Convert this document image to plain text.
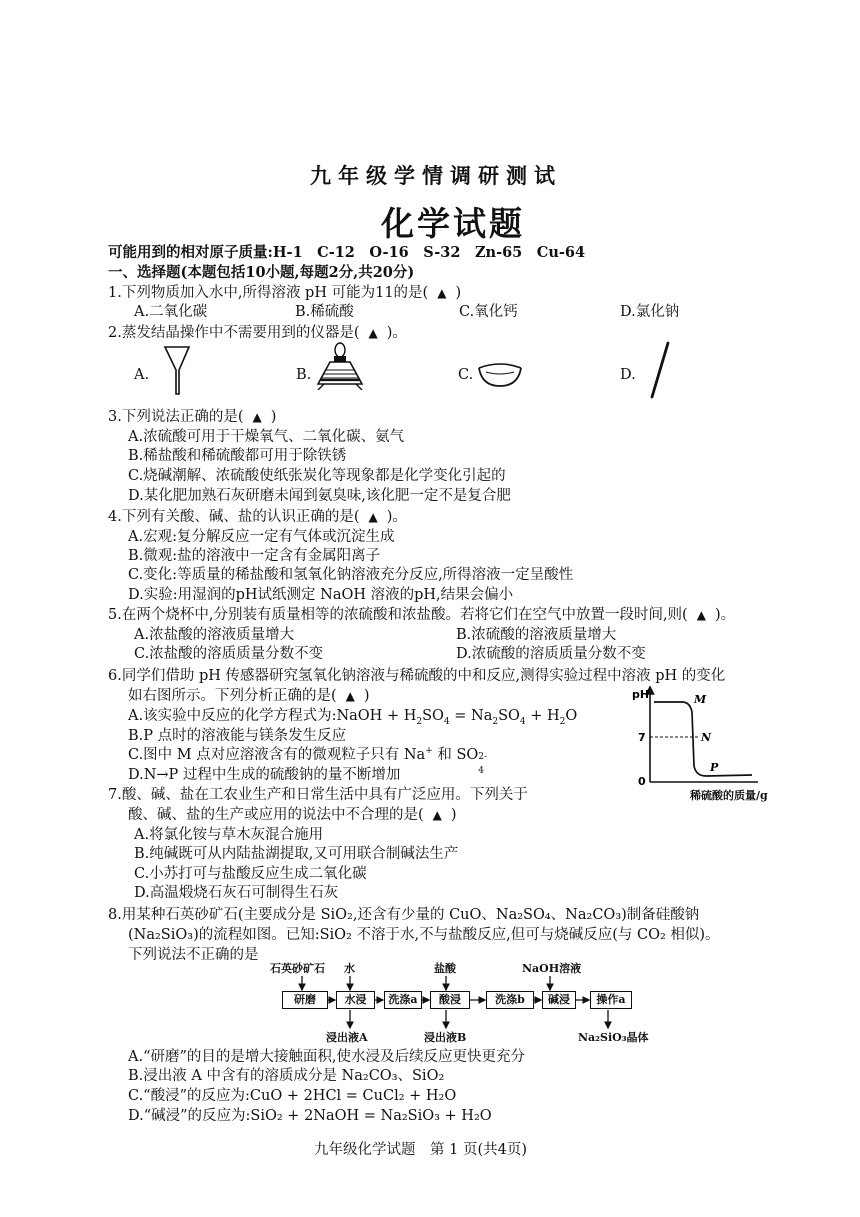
九年级学情调研测试
化学试题
可能用到的相对原子质量:H-1　C-12　O-16　S-32　Zn-65　Cu-64
一、选择题(本题包括10小题,每题2分,共20分)
1.下列物质加入水中,所得溶液 pH 可能为11的是( ▲ )
A.二氧化碳	B.稀硫酸	C.氧化钙	D.氯化钠
2.蒸发结晶操作中不需要用到的仪器是( ▲ )。
A.	B.	C.	D.
3.下列说法正确的是( ▲ )
A.浓硫酸可用于干燥氧气、二氧化碳、氨气
B.稀盐酸和稀硫酸都可用于除铁锈
C.烧碱潮解、浓硫酸使纸张炭化等现象都是化学变化引起的
D.某化肥加熟石灰研磨未闻到氨臭味,该化肥一定不是复合肥
4.下列有关酸、碱、盐的认识正确的是( ▲ )。
A.宏观:复分解反应一定有气体或沉淀生成
B.微观:盐的溶液中一定含有金属阳离子
C.变化:等质量的稀盐酸和氢氧化钠溶液充分反应,所得溶液一定呈酸性
D.实验:用湿润的pH试纸测定 NaOH 溶液的pH,结果会偏小
5.在两个烧杯中,分别装有质量相等的浓硫酸和浓盐酸。若将它们在空气中放置一段时间,则( ▲ )。
A.浓盐酸的溶液质量增大	B.浓硫酸的溶液质量增大
C.浓盐酸的溶质质量分数不变	D.浓硫酸的溶质质量分数不变
6.同学们借助 pH 传感器研究氢氧化钠溶液与稀硫酸的中和反应,测得实验过程中溶液 pH 的变化
如右图所示。下列分析正确的是( ▲ )
A.该实验中反应的化学方程式为:NaOH + $H_2SO_4 = Na_2SO_4 + H_2O$
B.P 点时的溶液能与镁条发生反应
C.图中 M 点对应溶液含有的微观粒子只有 Na+ 和 SO 2-
4
D.N→P 过程中生成的硫酸钠的量不断增加
pH
7
0
M
N
P
稀硫酸的质量/g
7.酸、碱、盐在工农业生产和日常生活中具有广泛应用。下列关于
酸、碱、盐的生产或应用的说法中不合理的是( ▲ )
A.将氯化铵与草木灰混合施用
B.纯碱既可从内陆盐湖提取,又可用联合制碱法生产
C.小苏打可与盐酸反应生成二氧化碳
D.高温煅烧石灰石可制得生石灰
8.用某种石英砂矿石(主要成分是 SiO₂,还含有少量的 CuO、Na₂SO₄、Na₂CO₃)制备硅酸钠
(Na₂SiO₃)的流程如图。已知:SiO₂ 不溶于水,不与盐酸反应,但可与烧碱反应(与 CO₂ 相似)。
下列说法不正确的是
石英砂矿石 水	盐酸	NaOH溶液
研磨	水浸	洗涤a	酸浸	洗涤b	碱浸	操作a
浸出液A	浸出液B	Na₂SiO₃晶体
A.“研磨”的目的是增大接触面积,使水浸及后续反应更快更充分
B.浸出液 A 中含有的溶质成分是 Na₂CO₃、SiO₂
C.“酸浸”的反应为:CuO + 2HCl = CuCl₂ + H₂O
D.“碱浸”的反应为:SiO₂ + 2NaOH = Na₂SiO₃ + H₂O
九年级化学试题　第 1 页(共4页)
